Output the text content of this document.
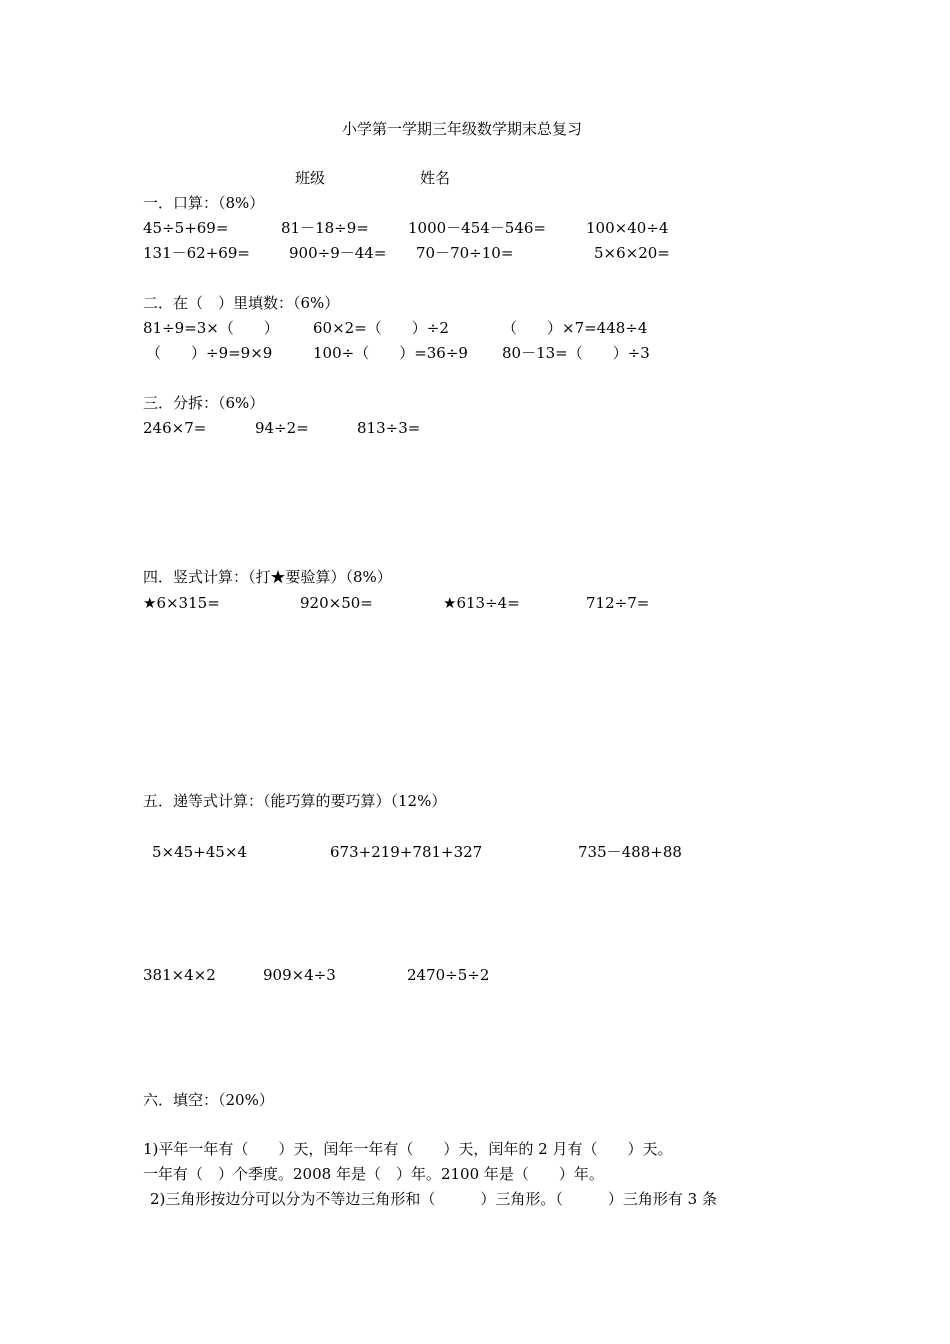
小学第一学期三年级数学期末总复习
班级	姓名
一．口算：（8%）
45÷5+69=	81－18÷9=	1000－454－546=	100×40÷4
131－62+69=	900÷9－44= 70－70÷10=	5×6×20=
二．在（　）里填数：（6%）
81÷9=3×（　　） 60×2=（　　）÷2	（　　）×7=448÷4
（　　）÷9=9×9	100÷（　　）=36÷9 80－13=（　　）÷3
三．分拆：（6%）
246×7=	94÷2=	813÷3=
四．竖式计算：（打★要验算）（8%）
★6×315=	920×50=	★613÷4=	712÷7=
五．递等式计算：（能巧算的要巧算）（12%）
5×45+45×4	673+219+781+327	735－488+88
381×4×2	909×4÷3	2470÷5÷2
六．填空：（20%）
1)平年一年有（　　）天，闰年一年有（　　）天，闰年的 2 月有（　　）天。
一年有（　）个季度。2008 年是（　）年。2100 年是（　　）年。
2)三角形按边分可以分为不等边三角形和（　　　）三角形。（　　　）三角形有 3 条
